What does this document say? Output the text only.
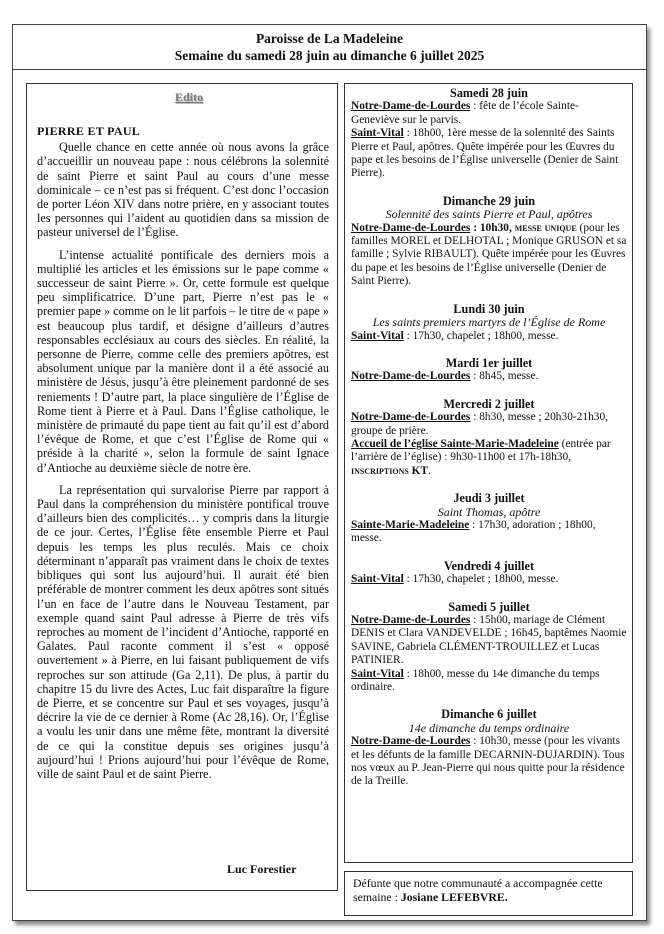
Paroisse de La Madeleine
Semaine du samedi 28 juin au dimanche 6 juillet 2025
Edito
PIERRE ET PAUL

Quelle chance en cette année où nous avons la grâce d’accueillir un nouveau pape : nous célébrons la solennité de saint Pierre et saint Paul au cours d’une messe dominicale – ce n’est pas si fréquent. C’est donc l’occasion de porter Léon XIV dans notre prière, en y associant toutes les personnes qui l’aident au quotidien dans sa mission de pasteur universel de l’Église.

L’intense actualité pontificale des derniers mois a multiplié les articles et les émissions sur le pape comme « successeur de saint Pierre ». Or, cette formule est quelque peu simplificatrice. D’une part, Pierre n’est pas le « premier pape » comme on le lit parfois – le titre de « pape » est beaucoup plus tardif, et désigne d’ailleurs d’autres responsables ecclésiaux au cours des siècles. En réalité, la personne de Pierre, comme celle des premiers apôtres, est absolument unique par la manière dont il a été associé au ministère de Jésus, jusqu’à être pleinement pardonné de ses reniements ! D’autre part, la place singulière de l’Église de Rome tient à Pierre et à Paul. Dans l’Église catholique, le ministère de primauté du pape tient au fait qu’il est d’abord l’évêque de Rome, et que c’est l’Église de Rome qui « préside à la charité », selon la formule de saint Ignace d’Antioche au deuxième siècle de notre ère.

La représentation qui survalorise Pierre par rapport à Paul dans la compréhension du ministère pontifical trouve d’ailleurs bien des complicités… y compris dans la liturgie de ce jour. Certes, l’Église fête ensemble Pierre et Paul depuis les temps les plus reculés. Mais ce choix déterminant n’apparaît pas vraiment dans le choix de textes bibliques qui sont lus aujourd’hui. Il aurait été bien préférable de montrer comment les deux apôtres sont situés l’un en face de l’autre dans le Nouveau Testament, par exemple quand saint Paul adresse à Pierre de très vifs reproches au moment de l’incident d’Antioche, rapporté en Galates. Paul raconte comment il s’est « opposé ouvertement » à Pierre, en lui faisant publiquement de vifs reproches sur son attitude (Ga 2,11). De plus, à partir du chapitre 15 du livre des Actes, Luc fait disparaître la figure de Pierre, et se concentre sur Paul et ses voyages, jusqu’à décrire la vie de ce dernier à Rome (Ac 28,16). Or, l’Église a voulu les unir dans une même fête, montrant la diversité de ce qui la constitue depuis ses origines jusqu’à aujourd’hui ! Prions aujourd’hui pour l’évêque de Rome, ville de saint Paul et de saint Pierre.

Luc Forestier
Samedi 28 juin
Notre-Dame-de-Lourdes : fête de l’école Sainte-Geneviève sur le parvis.
Saint-Vital : 18h00, 1ère messe de la solennité des Saints Pierre et Paul, apôtres. Quête impérée pour les Œuvres du pape et les besoins de l’Église universelle (Denier de Saint Pierre).
Dimanche 29 juin
Solennité des saints Pierre et Paul, apôtres
Notre-Dame-de-Lourdes : 10h30, messe unique (pour les familles MOREL et DELHOTAL ; Monique GRUSON et sa famille ; Sylvie RIBAULT). Quête impérée pour les Œuvres du pape et les besoins de l’Église universelle (Denier de Saint Pierre).
Lundi 30 juin
Les saints premiers martyrs de l’Église de Rome
Saint-Vital : 17h30, chapelet ; 18h00, messe.
Mardi 1er juillet
Notre-Dame-de-Lourdes : 8h45, messe.
Mercredi 2 juillet
Notre-Dame-de-Lourdes : 8h30, messe ; 20h30-21h30, groupe de prière.
Accueil de l’église Sainte-Marie-Madeleine (entrée par l’arrière de l’église) : 9h30-11h00 et 17h-18h30, inscriptions KT.
Jeudi 3 juillet
Saint Thomas, apôtre
Sainte-Marie-Madeleine : 17h30, adoration ; 18h00, messe.
Vendredi 4 juillet
Saint-Vital : 17h30, chapelet ; 18h00, messe.
Samedi 5 juillet
Notre-Dame-de-Lourdes : 15h00, mariage de Clément DENIS et Clara VANDEVELDE ; 16h45, baptêmes Naomie SAVINE, Gabriela CLÉMENT-TROUILLEZ et Lucas PATINIER.
Saint-Vital : 18h00, messe du 14e dimanche du temps ordinaire.
Dimanche 6 juillet
14e dimanche du temps ordinaire
Notre-Dame-de-Lourdes : 10h30, messe (pour les vivants et les défunts de la famille DECARNIN-DUJARDIN). Tous nos vœux au P. Jean-Pierre qui nous quitte pour la résidence de la Treille.
Défunte que notre communauté a accompagnée cette semaine : Josiane LEFEBVRE.
